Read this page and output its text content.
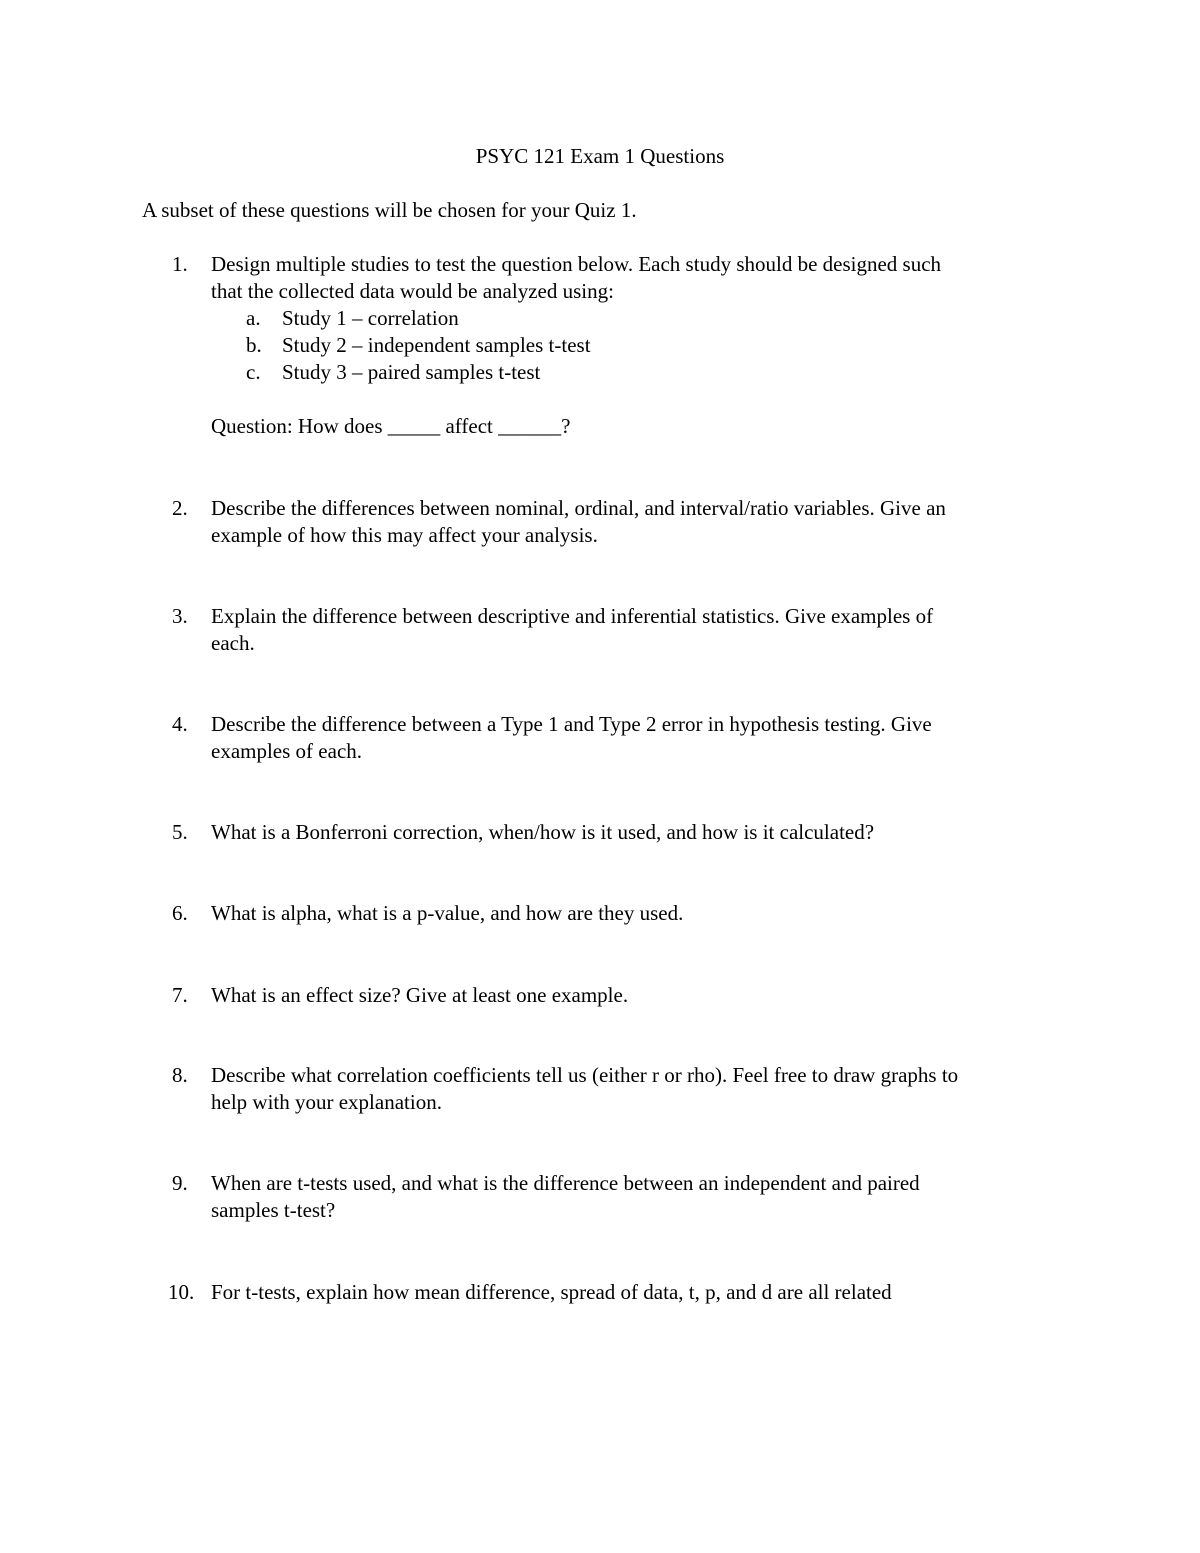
PSYC 121 Exam 1 Questions
A subset of these questions will be chosen for your Quiz 1.
1.	Design multiple studies to test the question below. Each study should be designed such
that the collected data would be analyzed using:
a. Study 1 – correlation
b. Study 2 – independent samples t-test
c. Study 3 – paired samples t-test
Question: How does _____ affect ______?
2.	Describe the differences between nominal, ordinal, and interval/ratio variables. Give an
example of how this may affect your analysis.
3.	Explain the difference between descriptive and inferential statistics. Give examples of
each.
4.	Describe the difference between a Type 1 and Type 2 error in hypothesis testing. Give
examples of each.
5.	What is a Bonferroni correction, when/how is it used, and how is it calculated?
6.	What is alpha, what is a p-value, and how are they used.
7.	What is an effect size? Give at least one example.
8.	Describe what correlation coefficients tell us (either r or rho). Feel free to draw graphs to
help with your explanation.
9.	When are t-tests used, and what is the difference between an independent and paired
samples t-test?
10. For t-tests, explain how mean difference, spread of data, t, p, and d are all related
